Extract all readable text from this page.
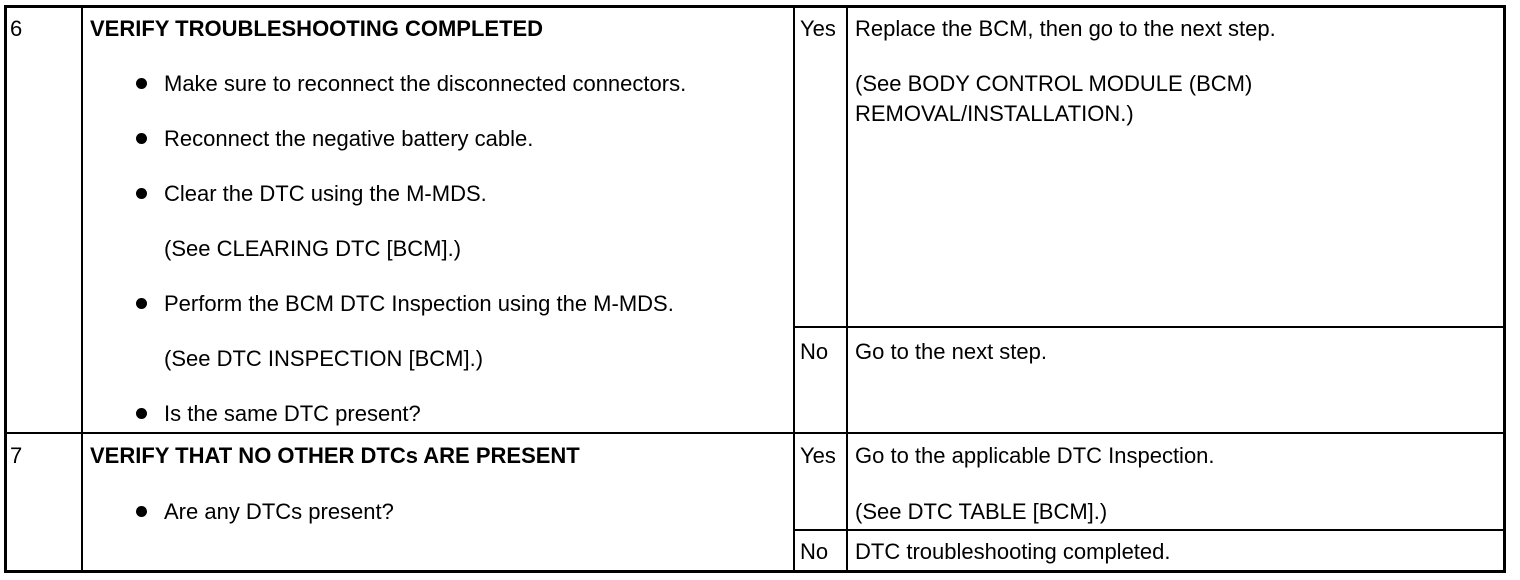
6	VERIFY TROUBLESHOOTING COMPLETED
Make sure to reconnect the disconnected connectors.
Reconnect the negative battery cable.
Clear the DTC using the M-MDS.
(See CLEARING DTC [BCM].)
Perform the BCM DTC Inspection using the M-MDS.
(See DTC INSPECTION [BCM].)
Is the same DTC present?
Yes Replace the BCM, then go to the next step.
(See BODY CONTROL MODULE (BCM)
REMOVAL/INSTALLATION.)
No Go to the next step.
7	VERIFY THAT NO OTHER DTCs ARE PRESENT
Are any DTCs present?
Yes Go to the applicable DTC Inspection.
(See DTC TABLE [BCM].)
No DTC troubleshooting completed.
